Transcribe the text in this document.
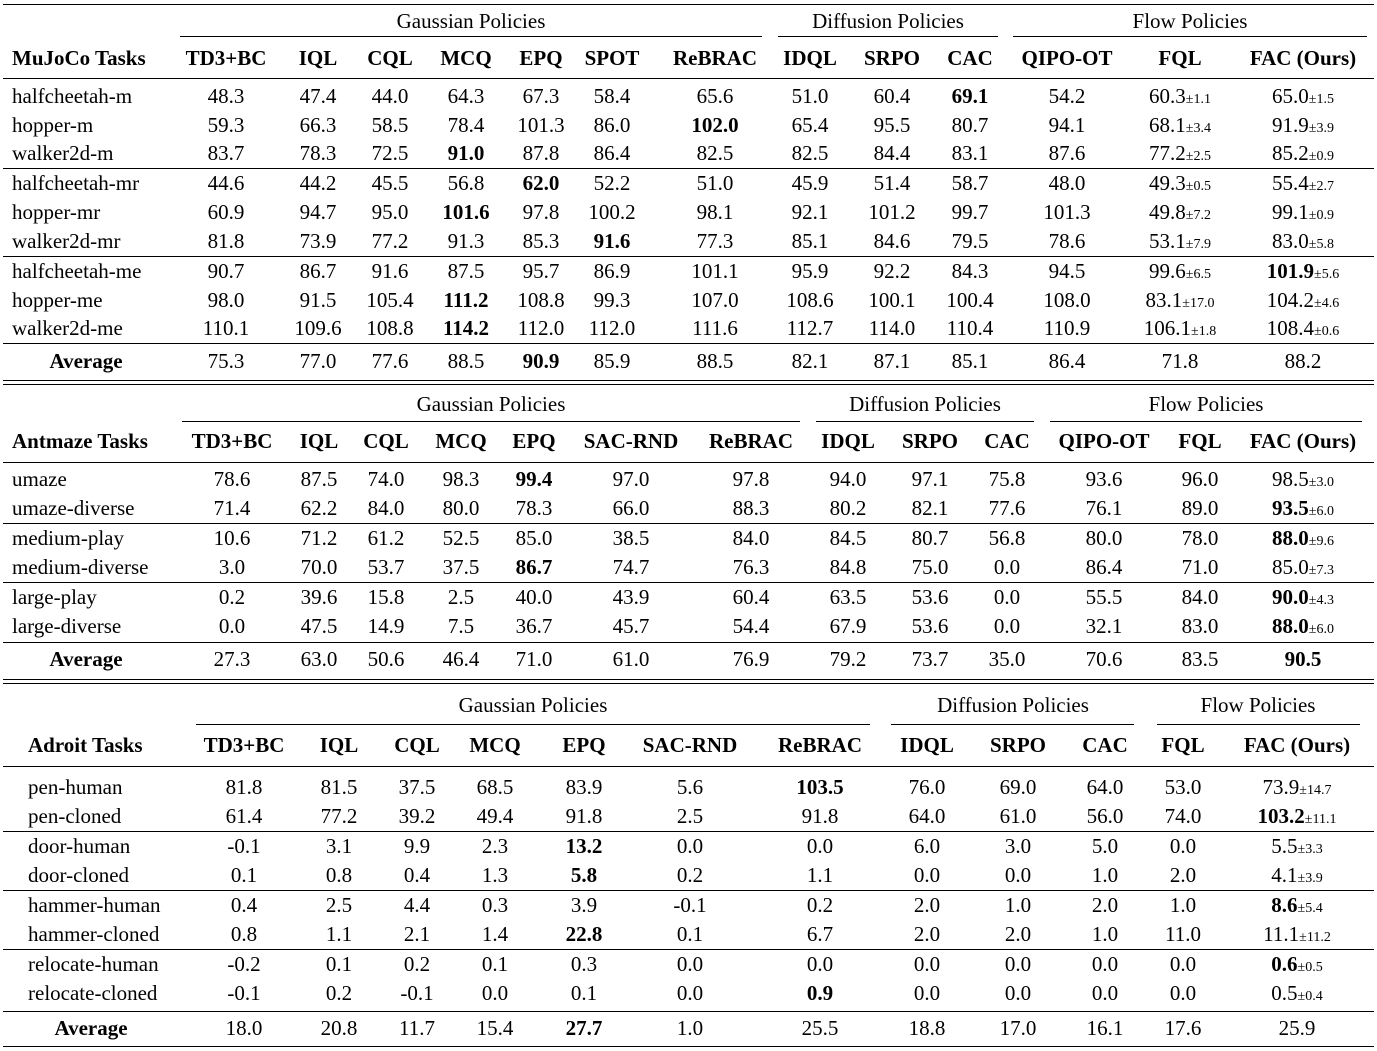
Gaussian Policies	Diffusion Policies	Flow Policies
MuJoCo Tasks TD3+BC IQL CQL MCQ EPQ SPOT ReBRAC IDQL SRPO CAC QIPO-OT FQL FAC (Ours)
halfcheetah-m	48.3	47.4 44.0 64.3 67.3 58.4	65.6	51.0 60.4 69.1	54.2	60.3±1.1	65.0±1.5
hopper-m	59.3	66.3 58.5 78.4 101.3 86.0	102.0	65.4 95.5 80.7	94.1	68.1±3.4	91.9±3.9
walker2d-m	83.7	78.3 72.5 91.0 87.8 86.4	82.5	82.5 84.4 83.1	87.6	77.2±2.5	85.2±0.9
halfcheetah-mr	44.6	44.2 45.5 56.8 62.0 52.2	51.0	45.9 51.4 58.7	48.0	49.3±0.5	55.4±2.7
hopper-mr	60.9	94.7 95.0 101.6 97.8 100.2	98.1	92.1 101.2 99.7	101.3	49.8±7.2	99.1±0.9
walker2d-mr	81.8	73.9 77.2 91.3 85.3 91.6	77.3	85.1 84.6 79.5	78.6	53.1±7.9	83.0±5.8
halfcheetah-me	90.7	86.7 91.6 87.5 95.7 86.9	101.1	95.9 92.2 84.3	94.5	99.6±6.5	101.9±5.6
hopper-me	98.0	91.5 105.4 111.2 108.8 99.3	107.0 108.6 100.1 100.4 108.0	83.1±17.0 104.2±4.6
walker2d-me	110.1 109.6 108.8 114.2 112.0 112.0	111.6 112.7 114.0 110.4 110.9	106.1±1.8 108.4±0.6
Average	75.3	77.0 77.6 88.5 90.9 85.9	88.5	82.1 87.1 85.1	86.4	71.8	88.2
Gaussian Policies	Diffusion Policies	Flow Policies
Antmaze Tasks TD3+BC IQL CQL MCQ EPQ SAC-RND ReBRAC IDQL SRPO CAC QIPO-OT FQL FAC (Ours)
umaze	78.6 87.5 74.0 98.3 99.4	97.0	97.8	94.0 97.1 75.8	93.6	96.0	98.5±3.0
umaze-diverse	71.4 62.2 84.0 80.0 78.3	66.0	88.3	80.2 82.1 77.6	76.1	89.0	93.5±6.0
medium-play	10.6 71.2 61.2 52.5 85.0	38.5	84.0	84.5 80.7 56.8	80.0	78.0	88.0±9.6
medium-diverse	3.0	70.0 53.7 37.5 86.7	74.7	76.3	84.8 75.0 0.0	86.4	71.0	85.0±7.3
large-play	0.2	39.6 15.8 2.5 40.0	43.9	60.4	63.5 53.6 0.0	55.5	84.0	90.0±4.3
large-diverse	0.0	47.5 14.9 7.5 36.7	45.7	54.4	67.9 53.6 0.0	32.1	83.0	88.0±6.0
Average	27.3 63.0 50.6 46.4 71.0	61.0	76.9	79.2 73.7 35.0	70.6	83.5	90.5
Gaussian Policies	Diffusion Policies	Flow Policies
Adroit Tasks	TD3+BC IQL CQL MCQ EPQ SAC-RND ReBRAC IDQL SRPO CAC FQL FAC (Ours)
pen-human	81.8	81.5 37.5 68.5 83.9	5.6	103.5	76.0	69.0 64.0 53.0	73.9±14.7
pen-cloned	61.4	77.2 39.2 49.4 91.8	2.5	91.8	64.0	61.0 56.0 74.0	103.2±11.1
door-human	-0.1	3.1 9.9 2.3	13.2	0.0	0.0	6.0	3.0	5.0 0.0	5.5±3.3
door-cloned	0.1	0.8 0.4 1.3	5.8	0.2	1.1	0.0	0.0	1.0 2.0	4.1±3.9
hammer-human	0.4	2.5 4.4 0.3	3.9	-0.1	0.2	2.0	1.0	2.0 1.0	8.6±5.4
hammer-cloned	0.8	1.1 2.1 1.4	22.8	0.1	6.7	2.0	2.0	1.0 11.0	11.1±11.2
relocate-human	-0.2	0.1 0.2 0.1	0.3	0.0	0.0	0.0	0.0	0.0 0.0	0.6±0.5
relocate-cloned	-0.1	0.2 -0.1 0.0	0.1	0.0	0.9	0.0	0.0	0.0 0.0	0.5±0.4
Average	18.0	20.8 11.7 15.4 27.7	1.0	25.5	18.8	17.0 16.1 17.6	25.9
